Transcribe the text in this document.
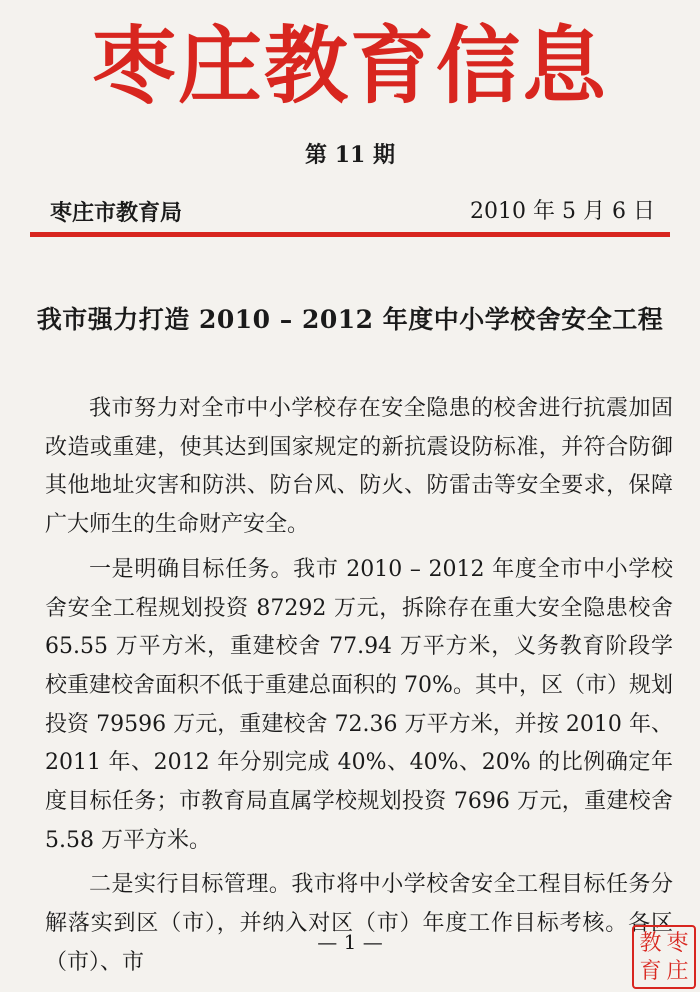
枣庄教育信息
第 11 期
枣庄市教育局	2010 年 5 月 6 日
我市强力打造 2010 – 2012 年度中小学校舍安全工程

我市努力对全市中小学校存在安全隐患的校舍进行抗震加固改造或重建，使其达到国家规定的新抗震设防标准，并符合防御其他地址灾害和防洪、防台风、防火、防雷击等安全要求，保障广大师生的生命财产安全。

一是明确目标任务。我市 2010 – 2012 年度全市中小学校舍安全工程规划投资 87292 万元，拆除存在重大安全隐患校舍 65.55 万平方米，重建校舍 77.94 万平方米，义务教育阶段学校重建校舍面积不低于重建总面积的 70%。其中，区（市）规划投资 79596 万元，重建校舍 72.36 万平方米，并按 2010 年、2011 年、2012 年分别完成 40%、40%、20% 的比例确定年度目标任务；市教育局直属学校规划投资 7696 万元，重建校舍 5.58 万平方米。

二是实行目标管理。我市将中小学校舍安全工程目标任务分解落实到区（市），并纳入对区（市）年度工作目标考核。各区（市）、市

— 1 —	教 枣
育 庄
